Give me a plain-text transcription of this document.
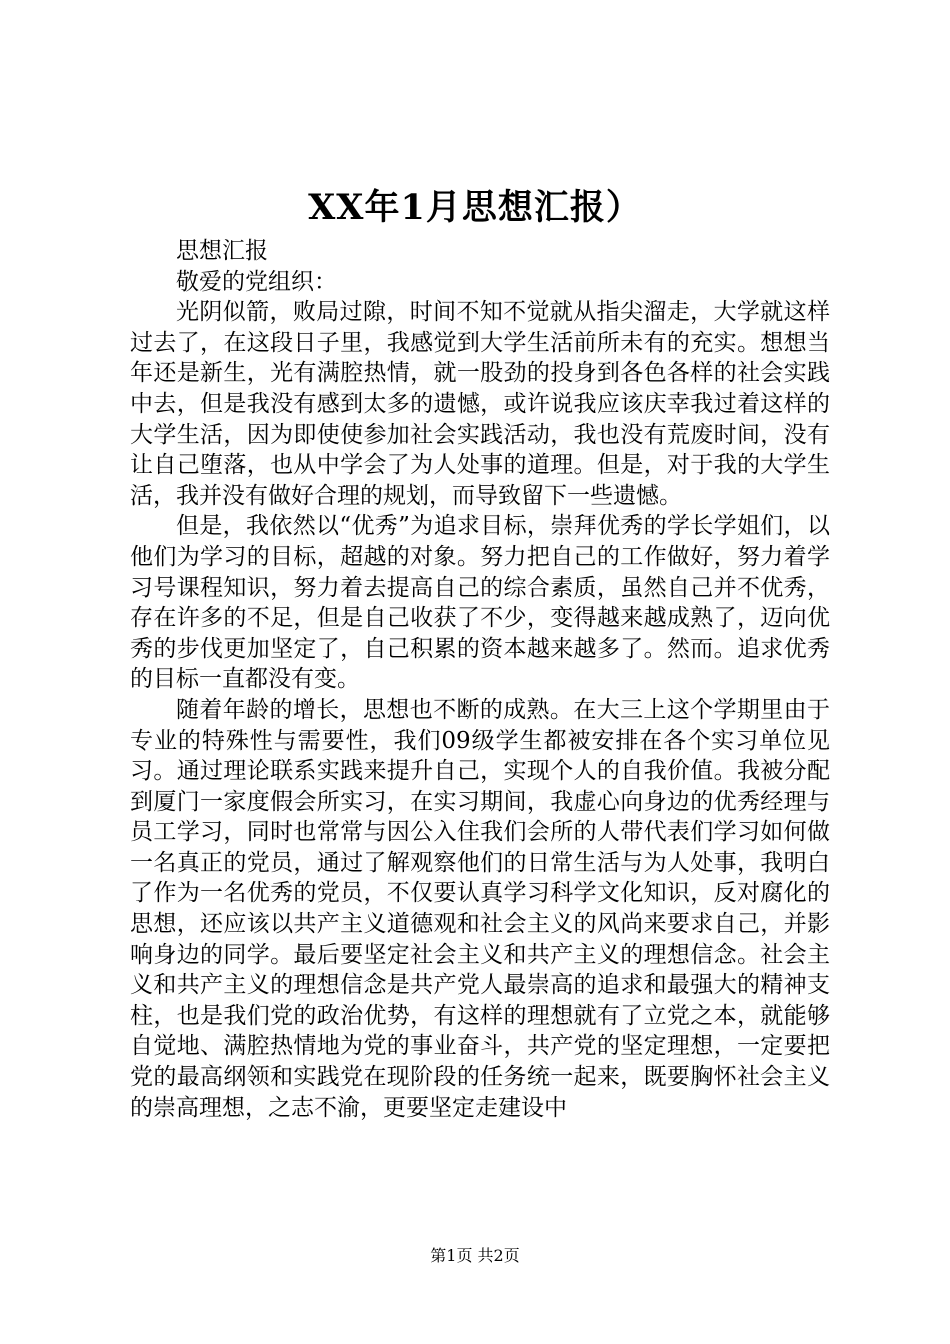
XX年1月思想汇报）

思想汇报

敬爱的党组织：

光阴似箭，败局过隙，时间不知不觉就从指尖溜走，大学就这样过去了，在这段日子里，我感觉到大学生活前所未有的充实。想想当年还是新生，光有满腔热情，就一股劲的投身到各色各样的社会实践中去，但是我没有感到太多的遗憾，或许说我应该庆幸我过着这样的大学生活，因为即使使参加社会实践活动，我也没有荒废时间，没有让自己堕落，也从中学会了为人处事的道理。但是，对于我的大学生活，我并没有做好合理的规划，而导致留下一些遗憾。

但是，我依然以“优秀”为追求目标，崇拜优秀的学长学姐们，以他们为学习的目标，超越的对象。努力把自己的工作做好，努力着学习号课程知识，努力着去提高自己的综合素质，虽然自己并不优秀，存在许多的不足，但是自己收获了不少，变得越来越成熟了，迈向优秀的步伐更加坚定了，自己积累的资本越来越多了。然而。追求优秀的目标一直都没有变。

随着年龄的增长，思想也不断的成熟。在大三上这个学期里由于专业的特殊性与需要性，我们09级学生都被安排在各个实习单位见习。通过理论联系实践来提升自己，实现个人的自我价值。我被分配到厦门一家度假会所实习，在实习期间，我虚心向身边的优秀经理与员工学习，同时也常常与因公入住我们会所的人带代表们学习如何做一名真正的党员，通过了解观察他们的日常生活与为人处事，我明白了作为一名优秀的党员，不仅要认真学习科学文化知识，反对腐化的思想，还应该以共产主义道德观和社会主义的风尚来要求自己，并影响身边的同学。最后要坚定社会主义和共产主义的理想信念。社会主义和共产主义的理想信念是共产党人最崇高的追求和最强大的精神支柱，也是我们党的政治优势，有这样的理想就有了立党之本，就能够自觉地、满腔热情地为党的事业奋斗，共产党的坚定理想，一定要把党的最高纲领和实践党在现阶段的任务统一起来，既要胸怀社会主义的崇高理想，之志不渝，更要坚定走建设中

第1页 共2页
